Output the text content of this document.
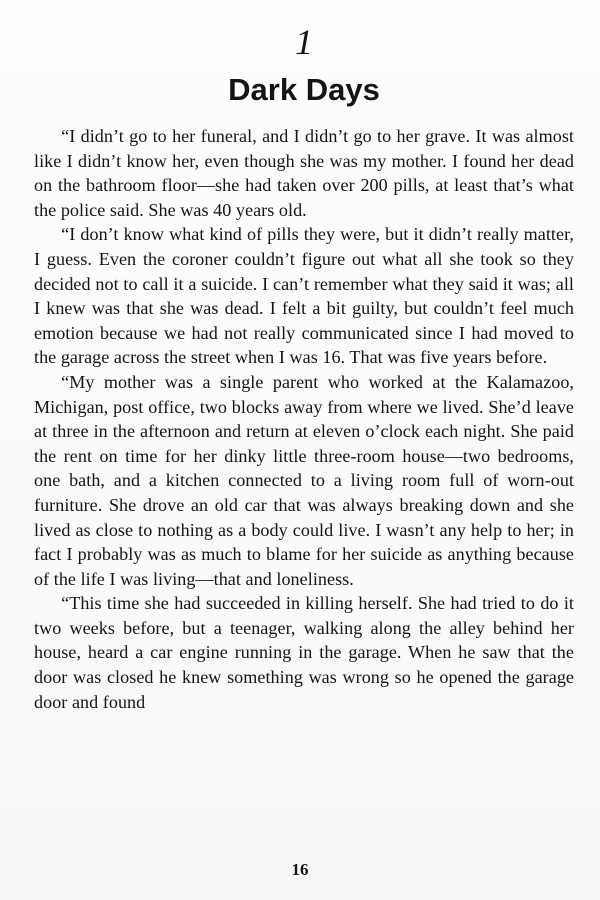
1
Dark Days

“I didn’t go to her funeral, and I didn’t go to her grave. It was almost like I didn’t know her, even though she was my mother. I found her dead on the bathroom floor—she had taken over 200 pills, at least that’s what the police said. She was 40 years old.

“I don’t know what kind of pills they were, but it didn’t really matter, I guess. Even the coroner couldn’t figure out what all she took so they decided not to call it a suicide. I can’t remember what they said it was; all I knew was that she was dead. I felt a bit guilty, but couldn’t feel much emotion because we had not really communicated since I had moved to the garage across the street when I was 16. That was five years before.

“My mother was a single parent who worked at the Kalamazoo, Michigan, post office, two blocks away from where we lived. She’d leave at three in the afternoon and return at eleven o’clock each night. She paid the rent on time for her dinky little three-room house—two bedrooms, one bath, and a kitchen connected to a living room full of worn-out furniture. She drove an old car that was always breaking down and she lived as close to nothing as a body could live. I wasn’t any help to her; in fact I probably was as much to blame for her suicide as anything because of the life I was living—that and loneliness.

“This time she had succeeded in killing herself. She had tried to do it two weeks before, but a teenager, walking along the alley behind her house, heard a car engine running in the garage. When he saw that the door was closed he knew something was wrong so he opened the garage door and found

16
